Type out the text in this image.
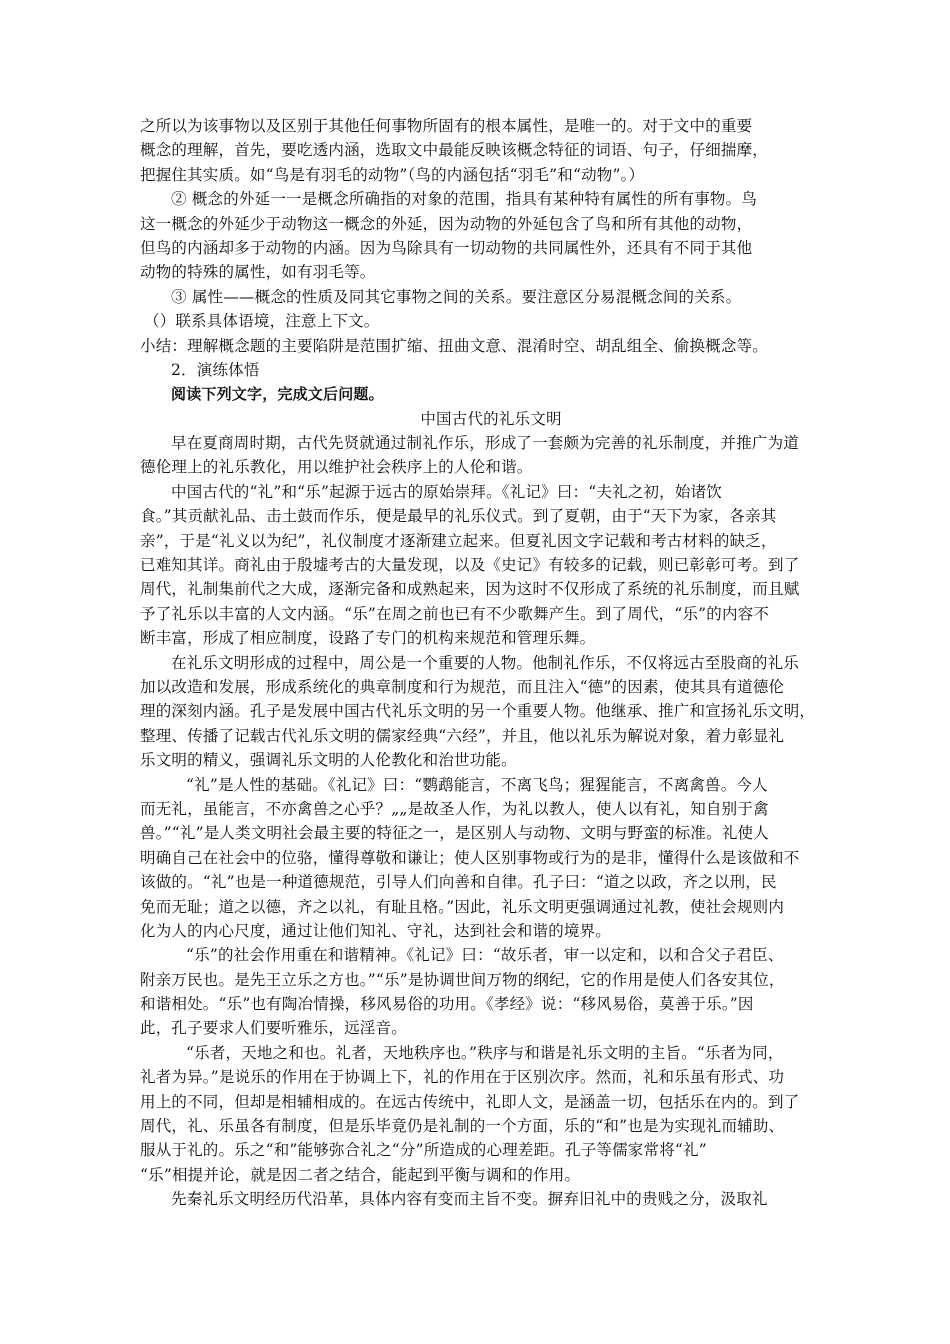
之所以为该事物以及区别于其他任何事物所固有的根本属性，是唯一的。对于文中的重要
概念的理解，首先，要吃透内涵，选取文中最能反映该概念特征的词语、句子，仔细揣摩，
把握住其实质。如“鸟是有羽毛的动物”（鸟的内涵包括“羽毛”和“动物”。）
② 概念的外延一一是概念所确指的对象的范围，指具有某种特有属性的所有事物。鸟
这一概念的外延少于动物这一概念的外延，因为动物的外延包含了鸟和所有其他的动物，
但鸟的内涵却多于动物的内涵。因为鸟除具有一切动物的共同属性外，还具有不同于其他
动物的特殊的属性，如有羽毛等。
③ 属性——概念的性质及同其它事物之间的关系。要注意区分易混概念间的关系。
（）联系具体语境，注意上下文。
小结：理解概念题的主要陷阱是范围扩缩、扭曲文意、混淆时空、胡乱组全、偷换概念等。
2．演练体悟
阅读下列文字，完成文后问题。
中国古代的礼乐文明
早在夏商周时期，古代先贤就通过制礼作乐，形成了一套颇为完善的礼乐制度，并推广为道
德伦理上的礼乐教化，用以维护社会秩序上的人伦和谐。
中国古代的“礼”和“乐”起源于远古的原始崇拜。《礼记》曰：“夫礼之初，始诸饮
食。”其贡献礼品、击土鼓而作乐，便是最早的礼乐仪式。到了夏朝，由于“天下为家，各亲其
亲”，于是“礼义以为纪”，礼仪制度才逐渐建立起来。但夏礼因文字记载和考古材料的缺乏，
已难知其详。商礼由于殷墟考古的大量发现，以及《史记》有较多的记载，则已彰彰可考。到了
周代，礼制集前代之大成，逐渐完备和成熟起来，因为这时不仅形成了系统的礼乐制度，而且赋
予了礼乐以丰富的人文内涵。“乐”在周之前也已有不少歌舞产生。到了周代，“乐”的内容不
断丰富，形成了相应制度，设路了专门的机构来规范和管理乐舞。
在礼乐文明形成的过程中，周公是一个重要的人物。他制礼作乐，不仅将远古至股商的礼乐
加以改造和发展，形成系统化的典章制度和行为规范，而且注入“德”的因素，使其具有道德伦
理的深刻内涵。孔子是发展中国古代礼乐文明的另一个重要人物。他继承、推广和宣扬礼乐文明，
整理、传播了记载古代礼乐文明的儒家经典“六经”，并且，他以礼乐为解说对象，着力彰显礼
乐文明的精义，强调礼乐文明的人伦教化和治世功能。
“礼”是人性的基础。《礼记》曰：“鹦鹉能言，不离飞鸟；猩猩能言，不离禽兽。今人
而无礼，虽能言，不亦禽兽之心乎？„„是故圣人作，为礼以教人，使人以有礼，知自别于禽
兽。”“礼”是人类文明社会最主要的特征之一，是区别人与动物、文明与野蛮的标准。礼使人
明确自己在社会中的位骆，懂得尊敬和谦让；使人区别事物或行为的是非，懂得什么是该做和不
该做的。“礼”也是一种道德规范，引导人们向善和自律。孔子曰：“道之以政，齐之以刑，民
免而无耻；道之以德，齐之以礼，有耻且格。”因此，礼乐文明更强调通过礼教，使社会规则内
化为人的内心尺度，通过让他们知礼、守礼，达到社会和谐的境界。
“乐”的社会作用重在和谐精神。《礼记》曰：“故乐者，审一以定和，以和合父子君臣、
附亲万民也。是先王立乐之方也。”“乐”是协调世间万物的纲纪，它的作用是使人们各安其位，
和谐相处。“乐”也有陶冶情操，移风易俗的功用。《孝经》说：“移风易俗，莫善于乐。”因
此，孔子要求人们要听雅乐，远淫音。
“乐者，天地之和也。礼者，天地秩序也。”秩序与和谐是礼乐文明的主旨。“乐者为同，
礼者为异。”是说乐的作用在于协调上下，礼的作用在于区别次序。然而，礼和乐虽有形式、功
用上的不同，但却是相辅相成的。在远古传统中，礼即人文，是涵盖一切，包括乐在内的。到了
周代，礼、乐虽各有制度，但是乐毕竟仍是礼制的一个方面，乐的“和”也是为实现礼而辅助、
服从于礼的。乐之“和”能够弥合礼之“分”所造成的心理差距。孔子等儒家常将“礼”
“乐”相提并论，就是因二者之结合，能起到平衡与调和的作用。
先秦礼乐文明经历代沿革，具体内容有变而主旨不变。摒弃旧礼中的贵贱之分，汲取礼
